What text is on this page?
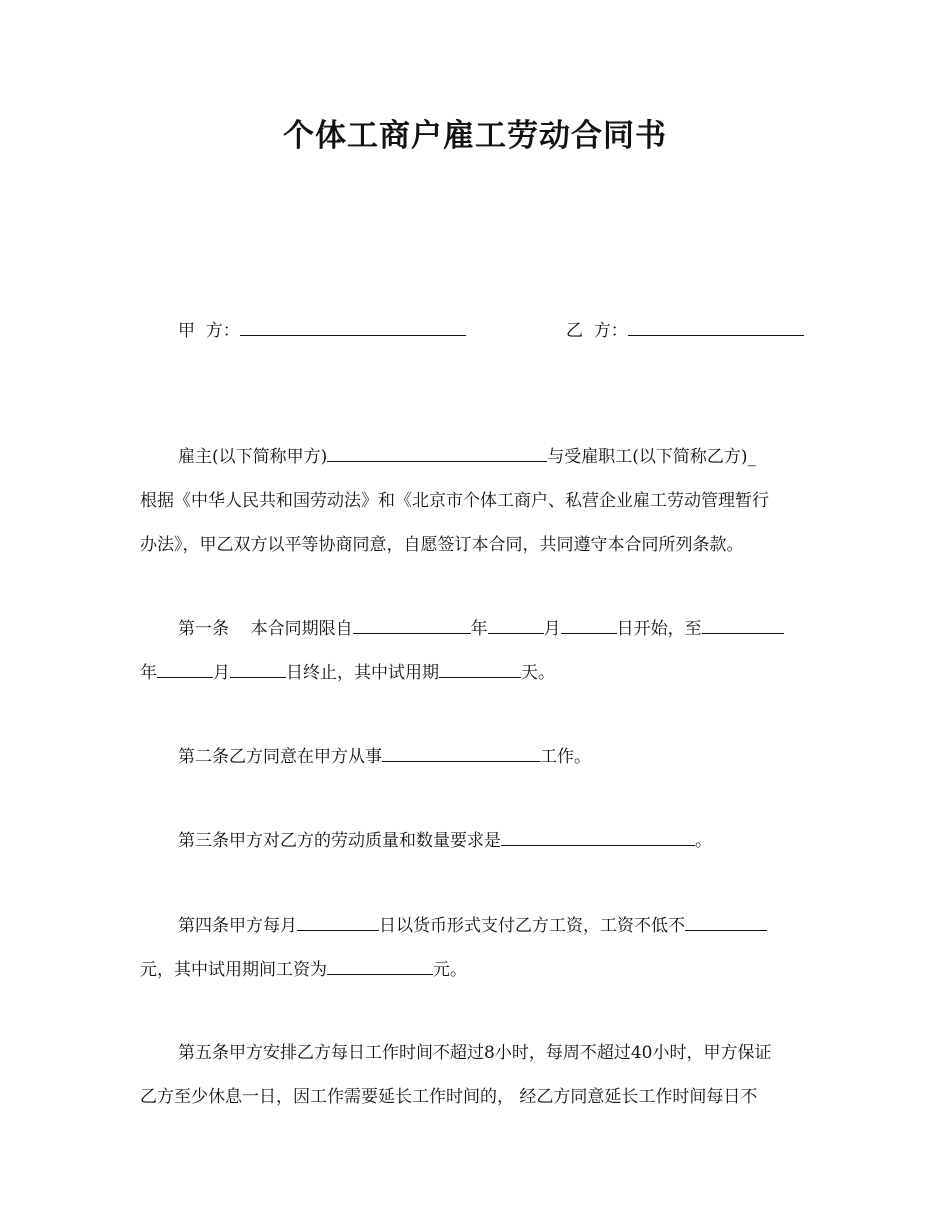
个体工商户雇工劳动合同书
甲  方：	乙  方：
雇主(以下简称甲方)	与受雇职工(以下简称乙方)_
根据《中华人民共和国劳动法》和《北京市个体工商户、私营企业雇工劳动管理暂行
办法》，甲乙双方以平等协商同意，自愿签订本合同，共同遵守本合同所列条款。
第一条    本合同期限自	年	月	日开始，至
年	月	日终止，其中试用期	天。
第二条乙方同意在甲方从事	工作。
第三条甲方对乙方的劳动质量和数量要求是	。
第四条甲方每月	日以货币形式支付乙方工资，工资不低不
元，其中试用期间工资为	元。
第五条甲方安排乙方每日工作时间不超过8小时，每周不超过40小时，甲方保证
乙方至少休息一日，因工作需要延长工作时间的， 经乙方同意延长工作时间每日不
